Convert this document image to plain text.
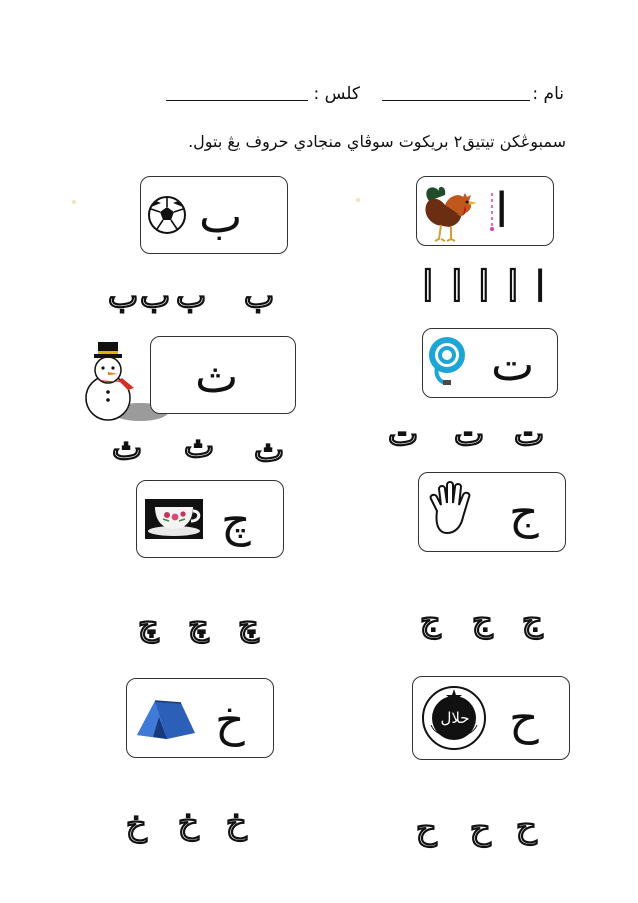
نام :
کلس :
سمبوڠکن تيتيق٢ بريکوت سوڤاي منجادي حروف يڠ بتول.
ا
ا
ا
ا
ا
ا
ب
ب
ب
ب ب
ت
ت
ت
ت
ث
ث
ث
ث
ج
ج
ج
ج
چ
چ
چ
چ
حلال ح
ح
ح
ح
خ
خ
خ
خ
